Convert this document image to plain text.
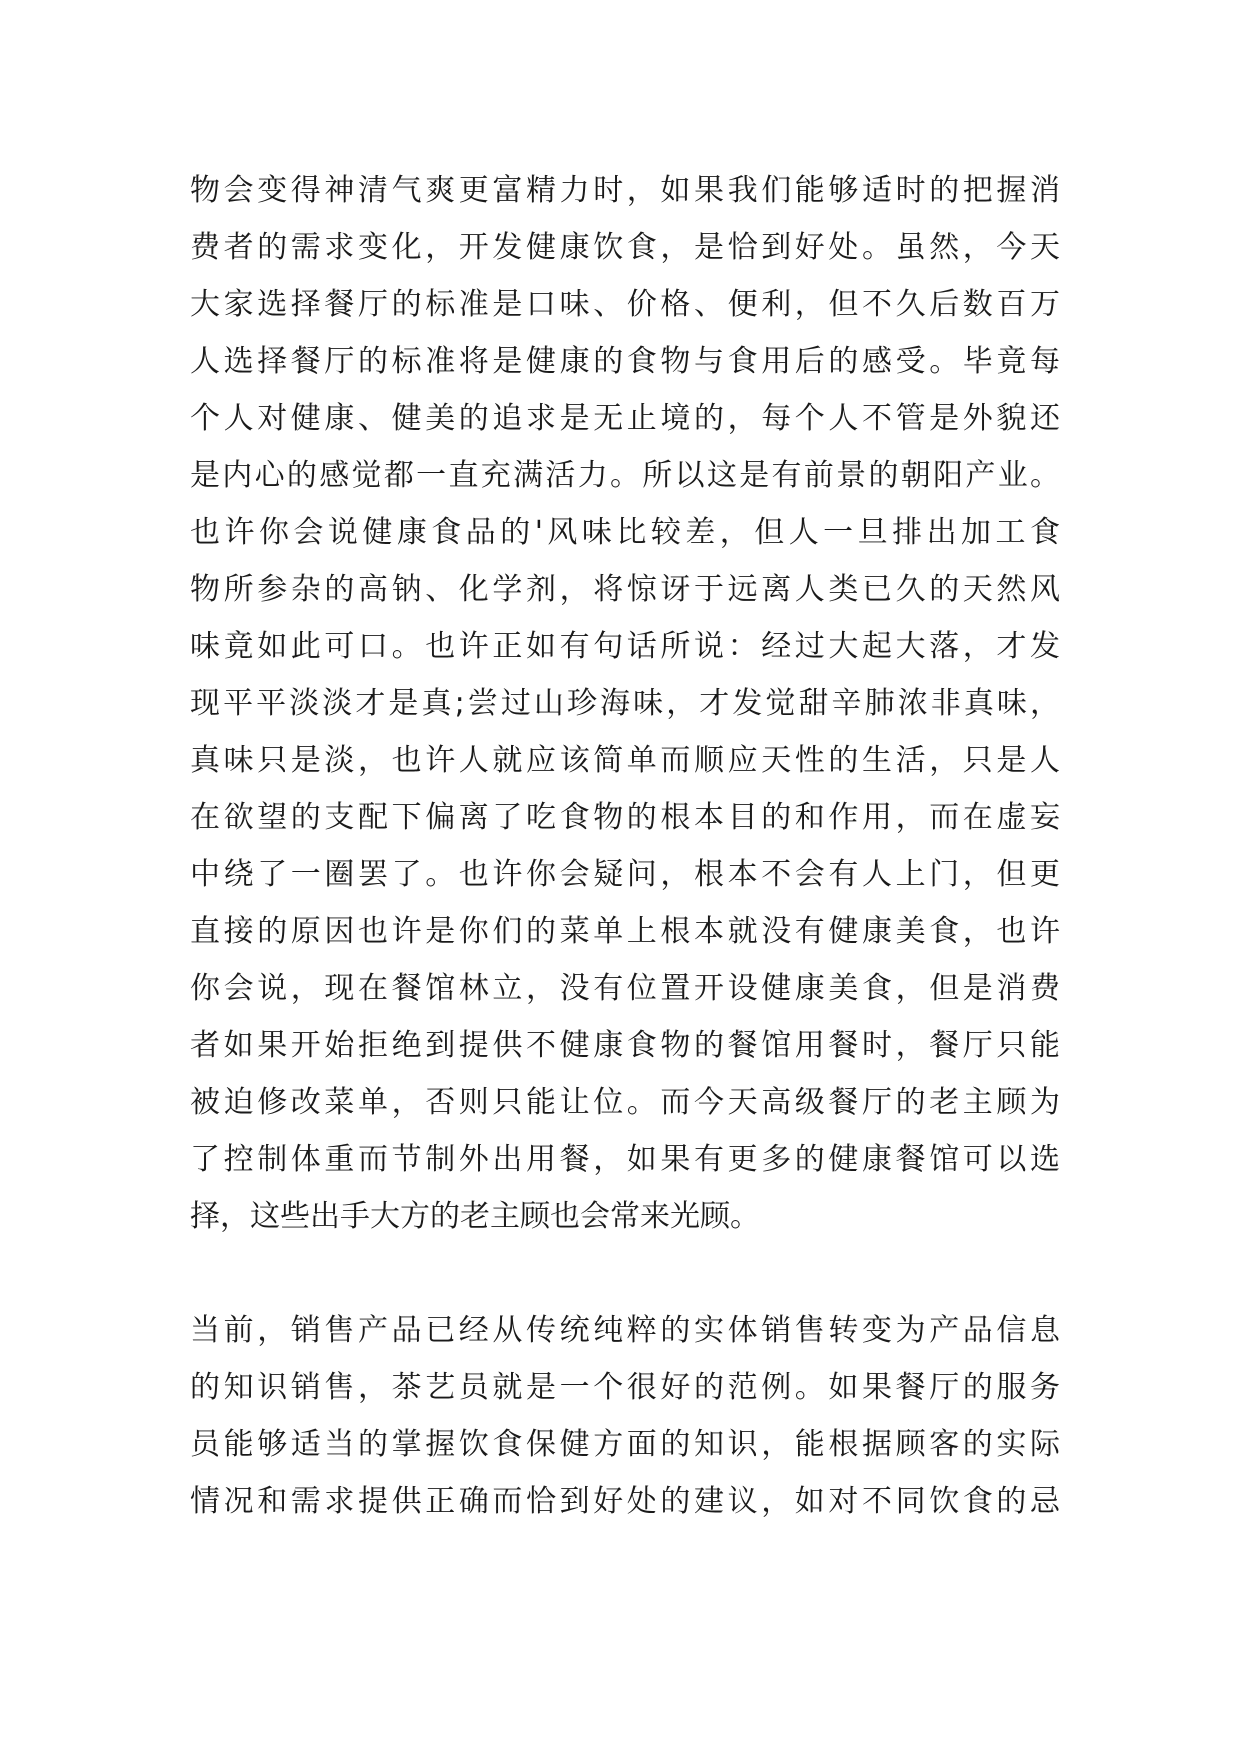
物会变得神清气爽更富精力时，如果我们能够适时的把握消
费者的需求变化，开发健康饮食，是恰到好处。虽然，今天
大家选择餐厅的标准是口味、价格、便利，但不久后数百万
人选择餐厅的标准将是健康的食物与食用后的感受。毕竟每
个人对健康、健美的追求是无止境的，每个人不管是外貌还
是内心的感觉都一直充满活力。所以这是有前景的朝阳产业。
也许你会说健康食品的'风味比较差，但人一旦排出加工食
物所参杂的高钠、化学剂，将惊讶于远离人类已久的天然风
味竟如此可口。也许正如有句话所说：经过大起大落，才发
现平平淡淡才是真;尝过山珍海味，才发觉甜辛肺浓非真味，
真味只是淡，也许人就应该简单而顺应天性的生活，只是人
在欲望的支配下偏离了吃食物的根本目的和作用，而在虚妄
中绕了一圈罢了。也许你会疑问，根本不会有人上门，但更
直接的原因也许是你们的菜单上根本就没有健康美食，也许
你会说，现在餐馆林立，没有位置开设健康美食，但是消费
者如果开始拒绝到提供不健康食物的餐馆用餐时，餐厅只能
被迫修改菜单，否则只能让位。而今天高级餐厅的老主顾为
了控制体重而节制外出用餐，如果有更多的健康餐馆可以选
择，这些出手大方的老主顾也会常来光顾。
当前，销售产品已经从传统纯粹的实体销售转变为产品信息
的知识销售，茶艺员就是一个很好的范例。如果餐厅的服务
员能够适当的掌握饮食保健方面的知识，能根据顾客的实际
情况和需求提供正确而恰到好处的建议，如对不同饮食的忌
